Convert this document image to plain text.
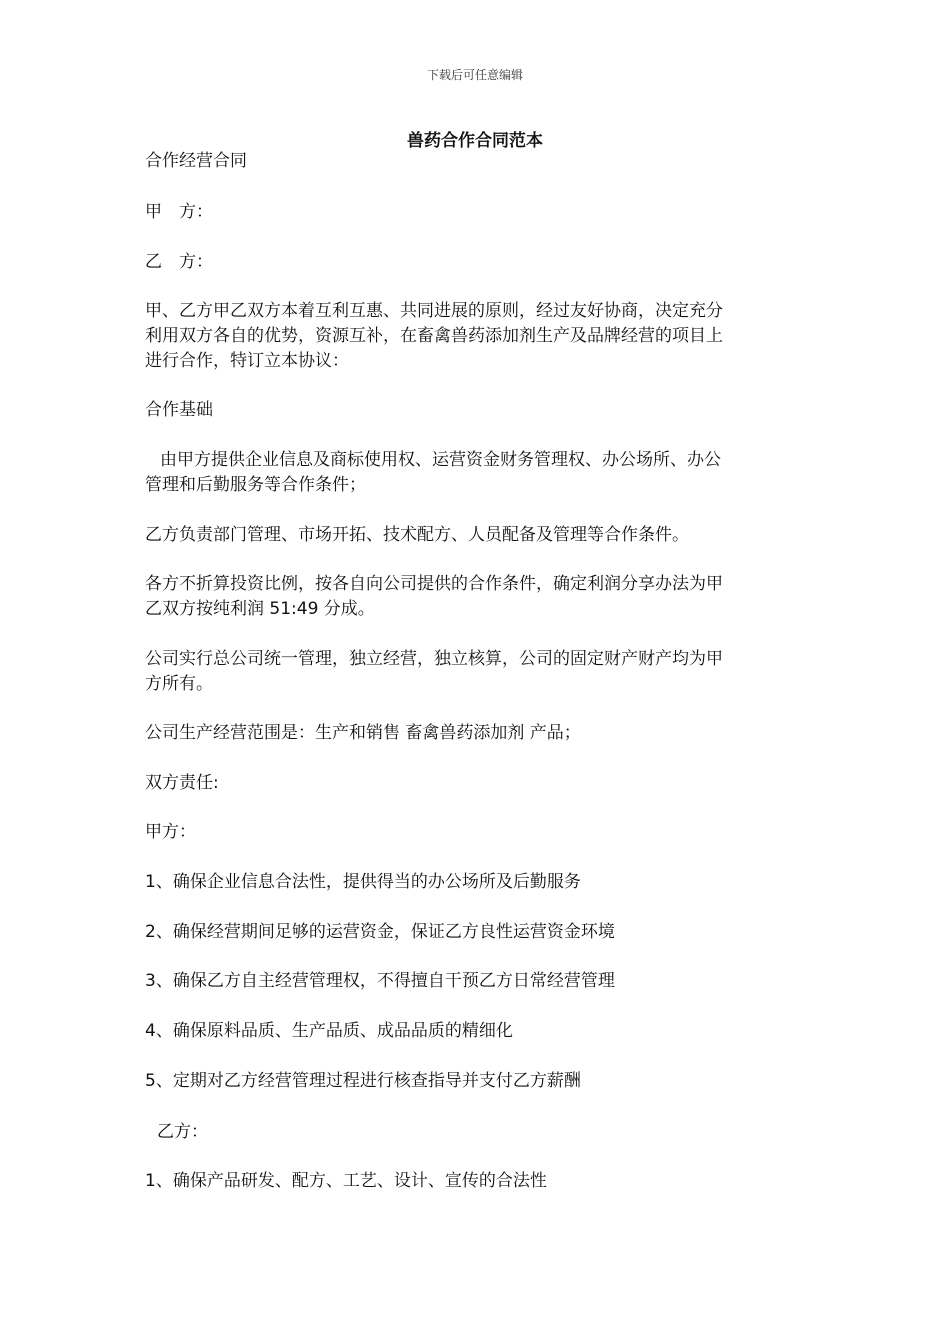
下载后可任意编辑
兽药合作合同范本
合作经营合同
甲　方：
乙　方：
甲、乙方甲乙双方本着互利互惠、共同进展的原则，经过友好协商，决定充分
利用双方各自的优势，资源互补，在畜禽兽药添加剂生产及品牌经营的项目上
进行合作，特订立本协议：
合作基础
由甲方提供企业信息及商标使用权、运营资金财务管理权、办公场所、办公
管理和后勤服务等合作条件；
乙方负责部门管理、市场开拓、技术配方、人员配备及管理等合作条件。
各方不折算投资比例，按各自向公司提供的合作条件，确定利润分享办法为甲
乙双方按纯利润 51:49 分成。
公司实行总公司统一管理，独立经营，独立核算，公司的固定财产财产均为甲
方所有。
公司生产经营范围是：生产和销售 畜禽兽药添加剂 产品；
双方责任:
甲方：
1、确保企业信息合法性，提供得当的办公场所及后勤服务
2、确保经营期间足够的运营资金，保证乙方良性运营资金环境
3、确保乙方自主经营管理权，不得擅自干预乙方日常经营管理
4、确保原料品质、生产品质、成品品质的精细化
5、定期对乙方经营管理过程进行核查指导并支付乙方薪酬
乙方：
1、确保产品研发、配方、工艺、设计、宣传的合法性
